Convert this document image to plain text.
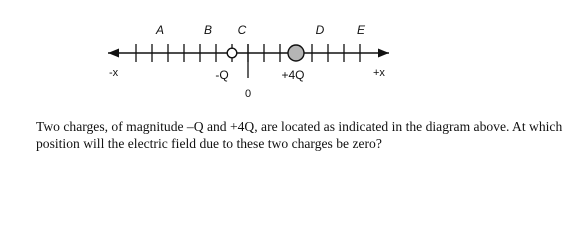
A	B C	D	E
-x	+x
-Q	+4Q
0

Two charges, of magnitude –Q and +4Q, are located as indicated in the diagram above. At which position will the electric field due to these two charges be zero?
